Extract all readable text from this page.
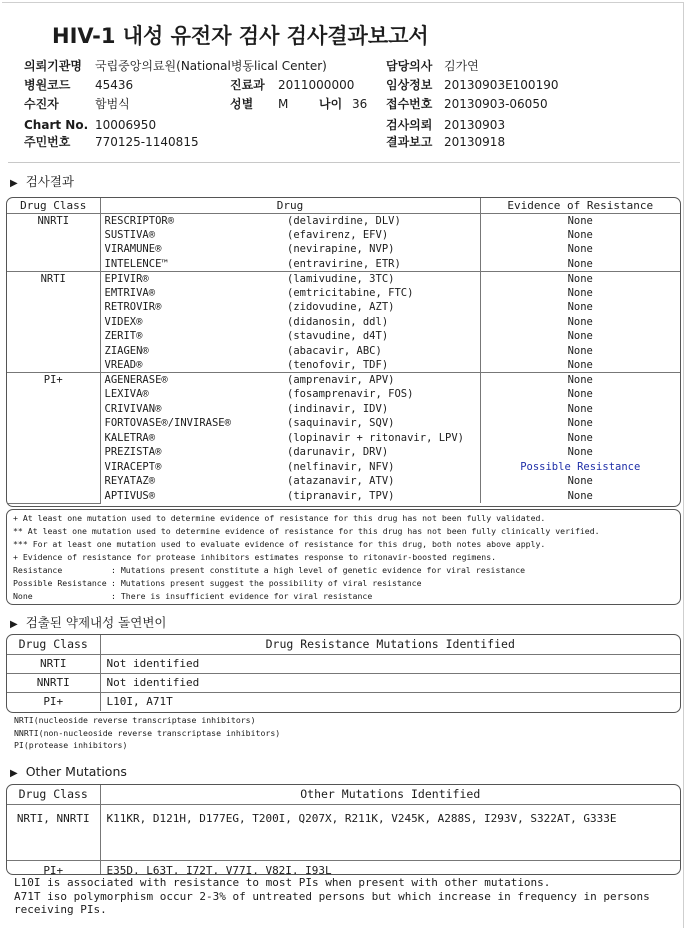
HIV-1 내성 유전자 검사 검사결과보고서
의뢰기관명 국립중앙의료원(National병동lical Center)
병원코드 45436
수진자	함범식
Chart No. 10006950
주민번호 770125-1140815
진료과 2011000000
성별 M	나이 36
담당의사 김가연
임상정보 20130903E100190
접수번호 20130903-06050
검사의뢰 20130903
결과보고 20130918
▶ 검사결과
Drug Class	Drug		Evidence of Resistance
NNRTI	RESCRIPTOR®	(delavirdine, DLV)	None
	SUSTIVA®	(efavirenz, EFV)	None
	VIRAMUNE®	(nevirapine, NVP)	None
	INTELENCE™	(entravirine, ETR)	None
NRTI	EPIVIR®	(lamivudine, 3TC)	None
	EMTRIVA®	(emtricitabine, FTC)	None
	RETROVIR®	(zidovudine, AZT)	None
	VIDEX®	(didanosin, ddl)	None
	ZERIT®	(stavudine, d4T)	None
	ZIAGEN®	(abacavir, ABC)	None
	VREAD®	(tenofovir, TDF)	None
PI+	AGENERASE®	(amprenavir, APV)	None
	LEXIVA®	(fosamprenavir, FOS)	None
	CRIVIVAN®	(indinavir, IDV)	None
	FORTOVASE®/INVIRASE®	(saquinavir, SQV)	None
	KALETRA®	(lopinavir + ritonavir, LPV)	None
	PREZISTA®	(darunavir, DRV)	None
	VIRACEPT®	(nelfinavir, NFV)	Possible Resistance
	REYATAZ®	(atazanavir, ATV)	None
	APTIVUS®	(tipranavir, TPV)	None
+ At least one mutation used to determine evidence of resistance for this drug has not been fully validated.
** At least one mutation used to determine evidence of resistance for this drug has not been fully clinically verified.
*** For at least one mutation used to evaluate evidence of resistance for this drug, both notes above apply.
+ Evidence of resistance for protease inhibitors estimates response to ritonavir-boosted regimens.
Resistance	: Mutations present constitute a high level of genetic evidence for viral resistance
Possible Resistance : Mutations present suggest the possibility of viral resistance
None	: There is insufficient evidence for viral resistance
▶ 검출된 약제내성 돌연변이
Drug Class	Drug Resistance Mutations Identified
NRTI	Not identified
NNRTI	Not identified
PI+	L10I, A71T
NRTI(nucleoside reverse transcriptase inhibitors)
NNRTI(non-nucleoside reverse transcriptase inhibitors)
PI(protease inhibitors)
▶ Other Mutations
Drug Class	Other Mutations Identified
NRTI, NNRTI	K11KR, D121H, D177EG, T200I, Q207X, R211K, V245K, A288S, I293V, S322AT, G333E
PI+	E35D, L63T, I72T, V77I, V82I, I93L
L10I is associated with resistance to most PIs when present with other mutations.
A71T iso polymorphism occur 2-3% of untreated persons but which increase in frequency in persons
receiving PIs.
